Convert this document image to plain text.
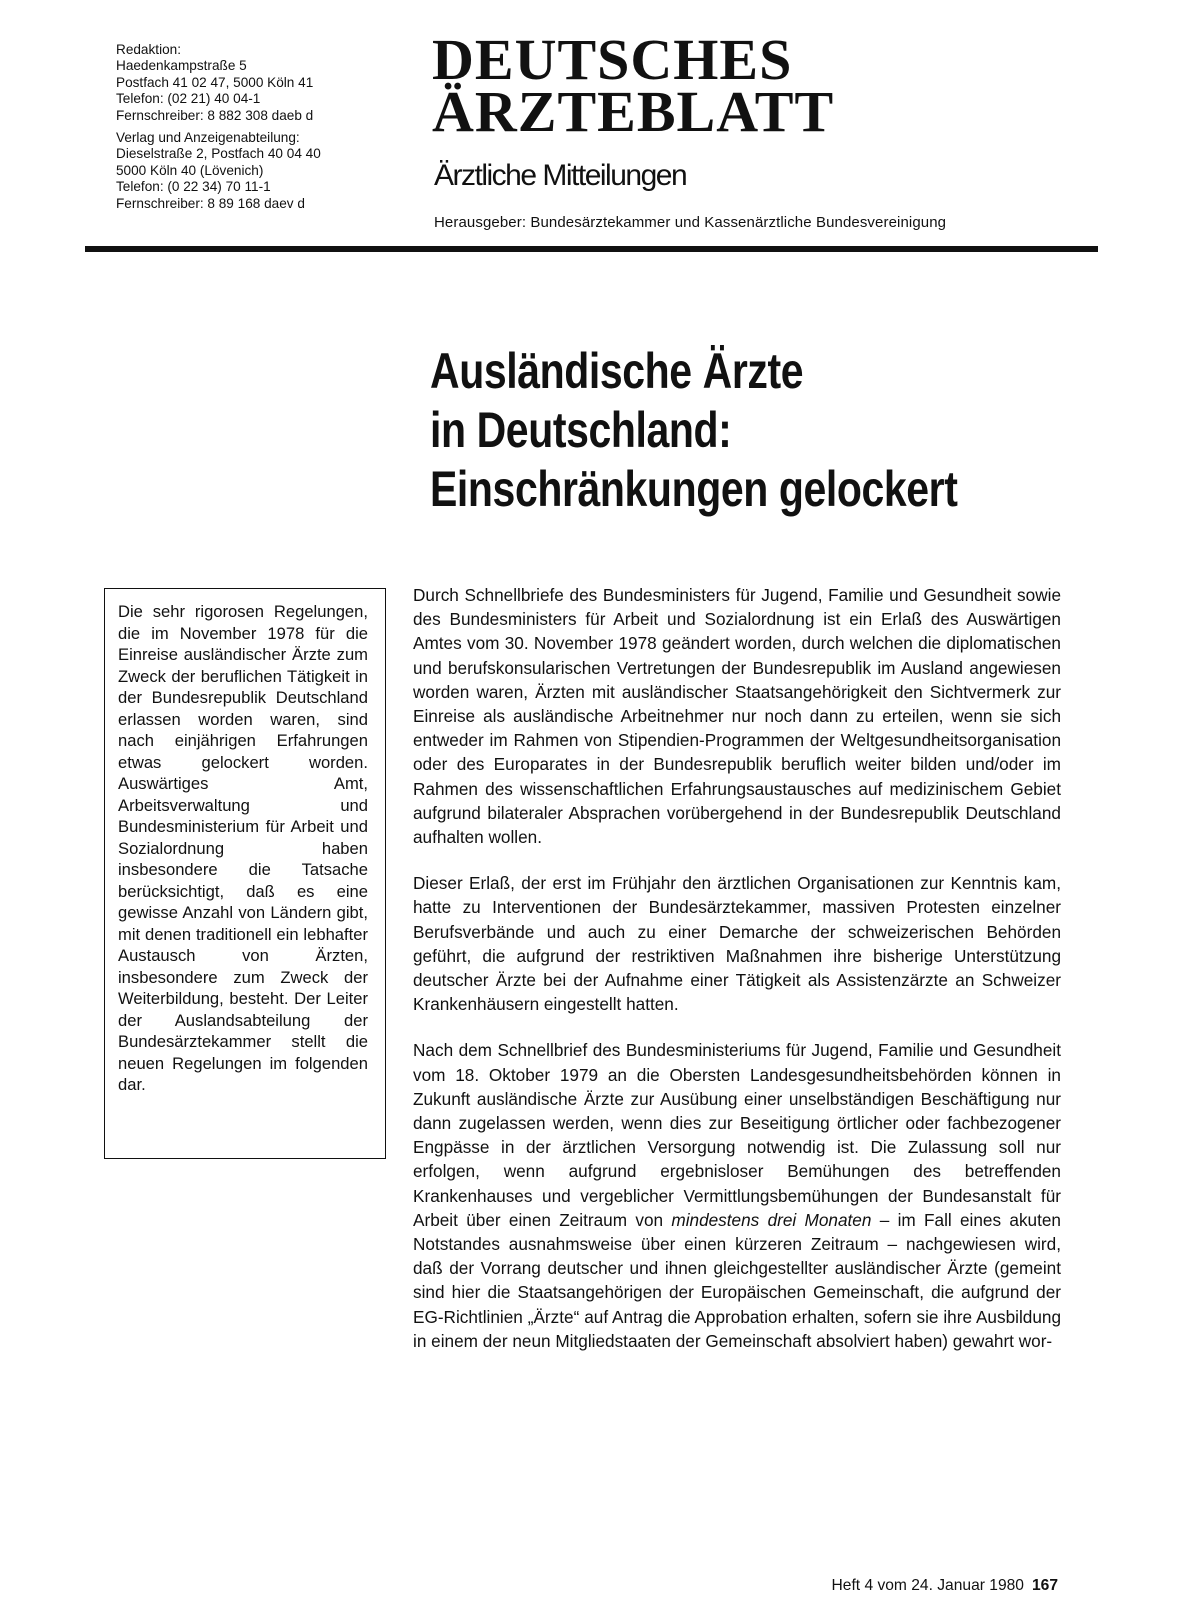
Redaktion:
Haedenkampstraße 5
Postfach 41 02 47, 5000 Köln 41
Telefon: (02 21) 40 04-1
Fernschreiber: 8 882 308 daeb d
Verlag und Anzeigenabteilung:
Dieselstraße 2, Postfach 40 04 40
5000 Köln 40 (Lövenich)
Telefon: (0 22 34) 70 11-1
Fernschreiber: 8 89 168 daev d
DEUTSCHES
ÄRZTEBLATT
Ärztliche Mitteilungen
Herausgeber: Bundesärztekammer und Kassenärztliche Bundesvereinigung
Ausländische Ärzte
in Deutschland:
Einschränkungen gelockert

Die sehr rigorosen Regelungen, die im November 1978 für die Einreise ausländischer Ärzte zum Zweck der beruflichen Tätigkeit in der Bundesrepublik Deutschland erlassen worden waren, sind nach einjährigen Erfahrungen etwas gelockert worden. Auswärtiges Amt, Arbeitsverwaltung und Bundesministerium für Arbeit und Sozialordnung haben insbesondere die Tatsache berücksichtigt, daß es eine gewisse Anzahl von Ländern gibt, mit denen traditionell ein lebhafter Austausch von Ärzten, insbesondere zum Zweck der Weiterbildung, besteht. Der Leiter der Auslandsabteilung der Bundesärztekammer stellt die neuen Regelungen im folgenden dar.

Durch Schnellbriefe des Bundesministers für Jugend, Familie und Gesundheit sowie des Bundesministers für Arbeit und Sozialordnung ist ein Erlaß des Auswärtigen Amtes vom 30. November 1978 geändert worden, durch welchen die diplomatischen und berufskonsularischen Vertretungen der Bundesrepublik im Ausland angewiesen worden waren, Ärzten mit ausländischer Staatsangehörigkeit den Sichtvermerk zur Einreise als ausländische Arbeitnehmer nur noch dann zu erteilen, wenn sie sich entweder im Rahmen von Stipendien-Programmen der Weltgesundheitsorganisation oder des Europarates in der Bundesrepublik beruflich weiter bilden und/oder im Rahmen des wissenschaftlichen Erfahrungsaustausches auf medizinischem Gebiet aufgrund bilateraler Absprachen vorübergehend in der Bundesrepublik Deutschland aufhalten wollen.

Dieser Erlaß, der erst im Frühjahr den ärztlichen Organisationen zur Kenntnis kam, hatte zu Interventionen der Bundesärztekammer, massiven Protesten einzelner Berufsverbände und auch zu einer Demarche der schweizerischen Behörden geführt, die aufgrund der restriktiven Maßnahmen ihre bisherige Unterstützung deutscher Ärzte bei der Aufnahme einer Tätigkeit als Assistenzärzte an Schweizer Krankenhäusern eingestellt hatten.

Nach dem Schnellbrief des Bundesministeriums für Jugend, Familie und Gesundheit vom 18. Oktober 1979 an die Obersten Landesgesundheitsbehörden können in Zukunft ausländische Ärzte zur Ausübung einer unselbständigen Beschäftigung nur dann zugelassen werden, wenn dies zur Beseitigung örtlicher oder fachbezogener Engpässe in der ärztlichen Versorgung notwendig ist. Die Zulassung soll nur erfolgen, wenn aufgrund ergebnisloser Bemühungen des betreffenden Krankenhauses und vergeblicher Vermittlungsbemühungen der Bundesanstalt für Arbeit über einen Zeitraum von mindestens drei Monaten – im Fall eines akuten Notstandes ausnahmsweise über einen kürzeren Zeitraum – nachgewiesen wird, daß der Vorrang deutscher und ihnen gleichgestellter ausländischer Ärzte (gemeint sind hier die Staatsangehörigen der Europäischen Gemeinschaft, die aufgrund der EG-Richtlinien „Ärzte“ auf Antrag die Approbation erhalten, sofern sie ihre Ausbildung in einem der neun Mitgliedstaaten der Gemeinschaft absolviert haben) gewahrt wor-

Heft 4 vom 24. Januar 1980 167
